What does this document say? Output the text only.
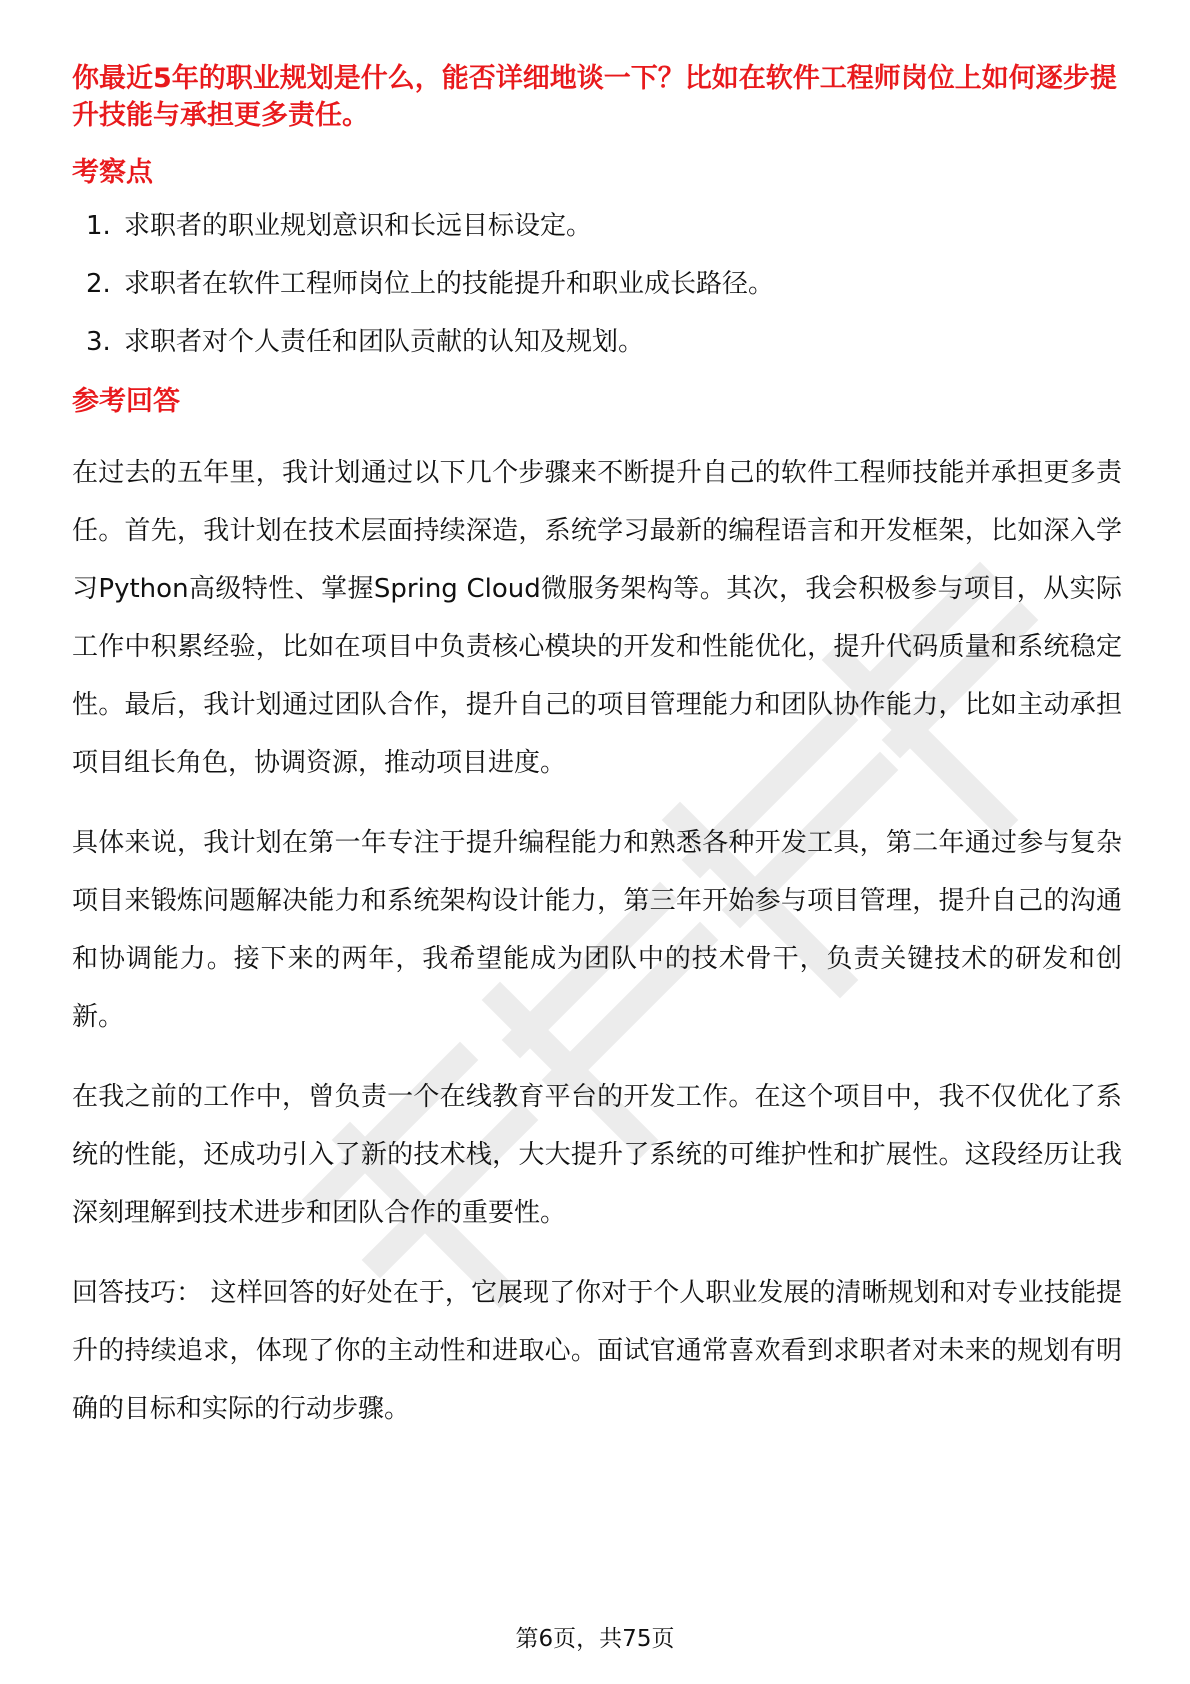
你最近5年的职业规划是什么，能否详细地谈一下？比如在软件工程师岗位上如何逐步提升技能与承担更多责任。

考察点

1. 求职者的职业规划意识和长远目标设定。
2. 求职者在软件工程师岗位上的技能提升和职业成长路径。
3. 求职者对个人责任和团队贡献的认知及规划。

参考回答

在过去的五年里，我计划通过以下几个步骤来不断提升自己的软件工程师技能并承担更多责任。首先，我计划在技术层面持续深造，系统学习最新的编程语言和开发框架，比如深入学习Python高级特性、掌握Spring Cloud微服务架构等。其次，我会积极参与项目，从实际工作中积累经验，比如在项目中负责核心模块的开发和性能优化，提升代码质量和系统稳定性。最后，我计划通过团队合作，提升自己的项目管理能力和团队协作能力，比如主动承担项目组长角色，协调资源，推动项目进度。

具体来说，我计划在第一年专注于提升编程能力和熟悉各种开发工具，第二年通过参与复杂项目来锻炼问题解决能力和系统架构设计能力，第三年开始参与项目管理，提升自己的沟通和协调能力。接下来的两年，我希望能成为团队中的技术骨干，负责关键技术的研发和创新。

在我之前的工作中，曾负责一个在线教育平台的开发工作。在这个项目中，我不仅优化了系统的性能，还成功引入了新的技术栈，大大提升了系统的可维护性和扩展性。这段经历让我深刻理解到技术进步和团队合作的重要性。

回答技巧： 这样回答的好处在于，它展现了你对于个人职业发展的清晰规划和对专业技能提升的持续追求，体现了你的主动性和进取心。面试官通常喜欢看到求职者对未来的规划有明确的目标和实际的行动步骤。

第6页，共75页
